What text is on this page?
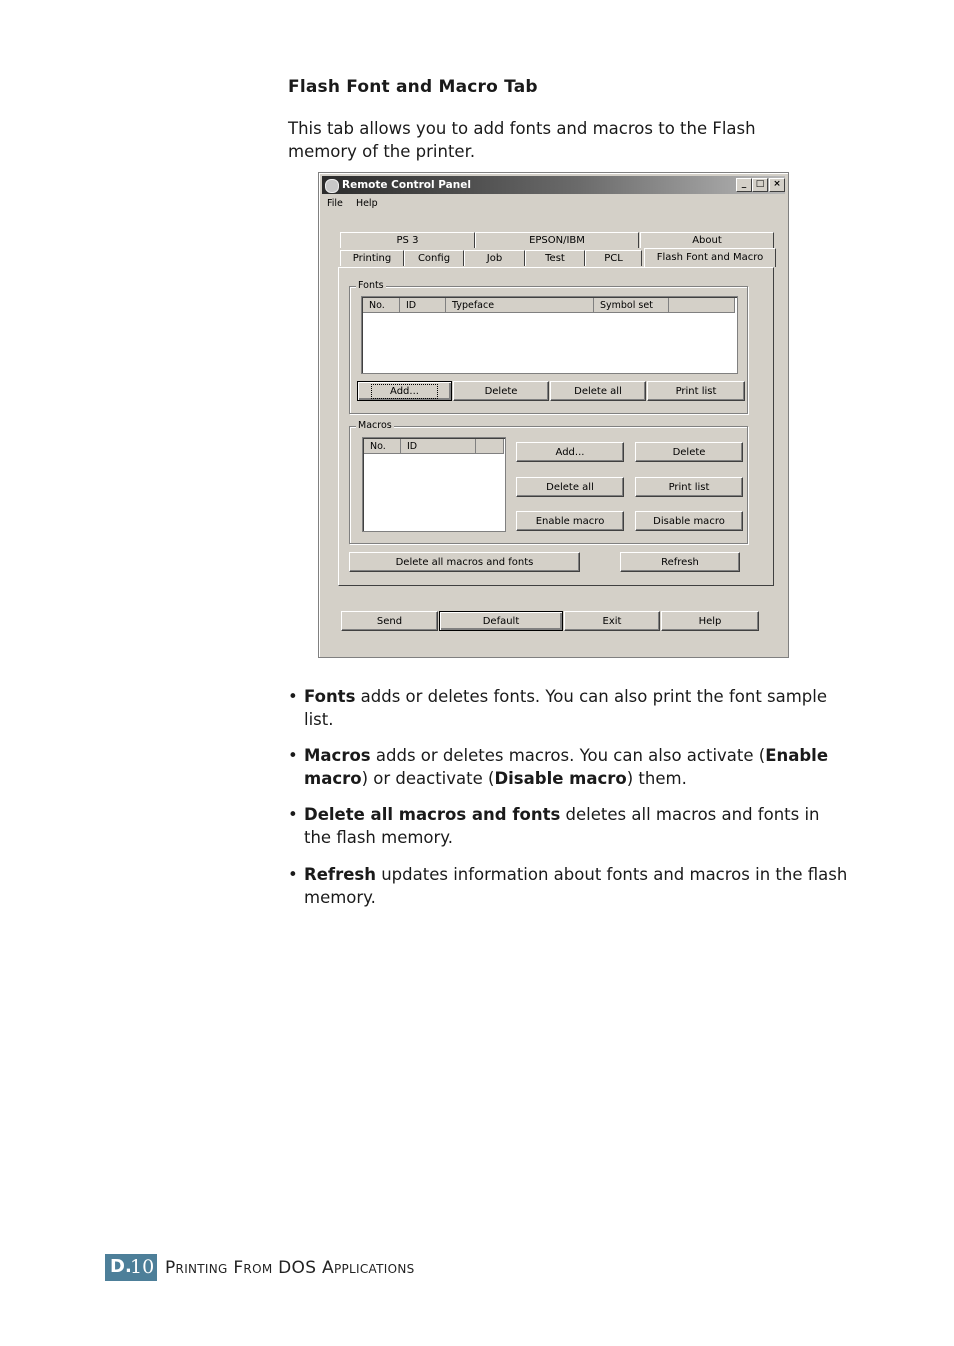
Flash Font and Macro Tab
This tab allows you to add fonts and macros to the Flash memory of the printer.
Remote Control Panel	_	□ ×
File Help
PS 3	EPSON/IBM	About
Printing	Config	Job	Test	PCL	Flash Font and Macro
Fonts
No.	ID	Typeface	Symbol set
Add...	Delete	Delete all	Print list
Macros
No.	ID
Add...	Delete
Delete all	Print list
Enable macro	Disable macro
Delete all macros and fonts	Refresh
Send	Default	Exit	Help
• Fonts adds or deletes fonts. You can also print the font sample list.
• Macros adds or deletes macros. You can also activate (Enable macro) or deactivate (Disable macro) them.
• Delete all macros and fonts deletes all macros and fonts in the flash memory.
• Refresh updates information about fonts and macros in the flash memory.
D.
10 Printing From DOS Applications
